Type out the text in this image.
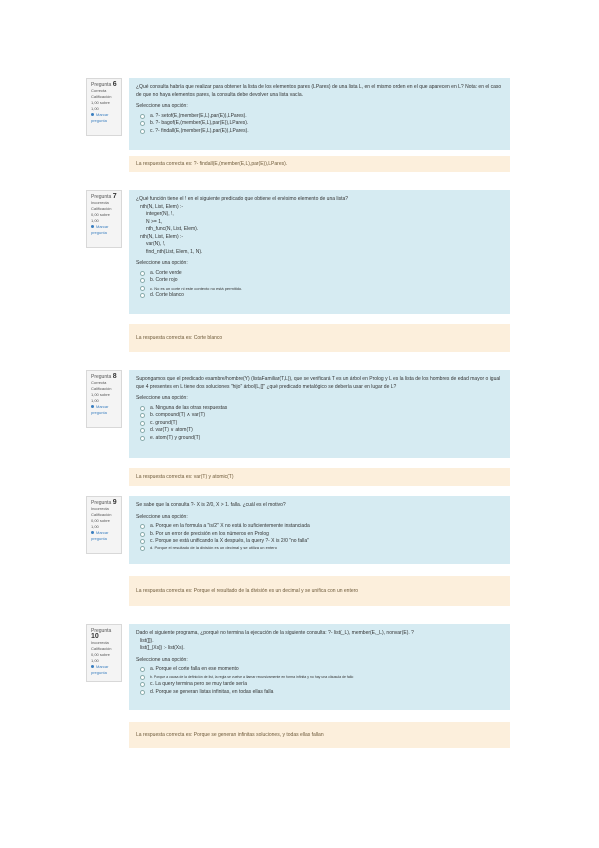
Pregunta 6
Correcta
Calificación 1,00 sobre 1,00
Marcar pregunta
¿Qué consulta habría que realizar para obtener la lista de los elementos pares (LPares) de una lista L, en el mismo orden en el que aparecen en L? Nota: en el caso de que no haya elementos pares, la consulta debe devolver una lista vacía.
Seleccione una opción:
a. ?- setof(E,(member(E,L),par(E)),LPares).
b. ?- bagof(E,(member(E,L),par(E)),LPares).
c. ?- findall(E,(member(E,L),par(E)),LPares).
La respuesta correcta es: ?- findall(E,(member(E,L),par(E)),LPares).
Pregunta 7
Incorrecta
Calificación 0,00 sobre 1,00
Marcar pregunta
¿Qué función tiene el ! en el siguiente predicado que obtiene el enésimo elemento de una lista?
nth(N, List, Elem) :-
integer(N), !,
N >= 1,
nth_func(N, List, Elem).
nth(N, List, Elem) :-
var(N), !,
find_nth(List, Elem, 1, N).
Seleccione una opción:
a. Corte verde
b. Corte rojo
c. No es un corte ni este contexto no está permitido.
d. Corte blanco
La respuesta correcta es: Corte blanco
Pregunta 8
Correcta
Calificación 1,00 sobre 1,00
Marcar pregunta
Supongamos que el predicado esambre/hombre(Y) (listaFamiliar(T,L)), que se verificará T es un árbol en Prolog y L es la lista de los hombres de edad mayor o igual que 4 presentes en L tiene dos soluciones "hijo" árbol(L,[]" ¿qué predicado metalógico se debería usar en lugar de L?
Seleccione una opción:
a. Ninguna de las otras respuestas
b. compound(T) ∧ var(T)
c. ground(T)
d. var(T) ∨ atom(T)
e. atom(T) y ground(T)
La respuesta correcta es: var(T) y atomic(T)
Pregunta 9
Incorrecta
Calificación 0,00 sobre 1,00
Marcar pregunta
Se sabe que la consulta ?- X is 2/0, X > 1. falla. ¿cuál es el motivo?
Seleccione una opción:
a. Porque en la formula a "is/2" X no está lo suficientemente instanciada
b. Por un error de precisión en los números en Prolog
c. Porque se está unificando la X después, la query ?- X is 2/0 "no falla"
d. Porque el resultado de la división es un decimal y se utiliza un entero
La respuesta correcta es: Porque el resultado de la división es un decimal y se unifica con un entero
Pregunta 10
Incorrecta
Calificación 0,00 sobre 1,00
Marcar pregunta
Dado el siguiente programa, ¿porqué no termina la ejecución de la siguiente consulta: ?- list(_L), member(E,_L), nonvar(E). ?
list([]).
list([_|Xs]) :- list(Xs).
Seleccione una opción:
a. Porque el corte falla en ese momento
b. Porque a causa de la definición de list, la regla se vuelve a llamar recursivamente en forma infinita y no hay una cláusula de fallo
c. La query termina pero se muy tarde sería
d. Porque se generan listas infinitas, en todas ellas falla
La respuesta correcta es: Porque se generan infinitas soluciones, y todas ellas fallan
